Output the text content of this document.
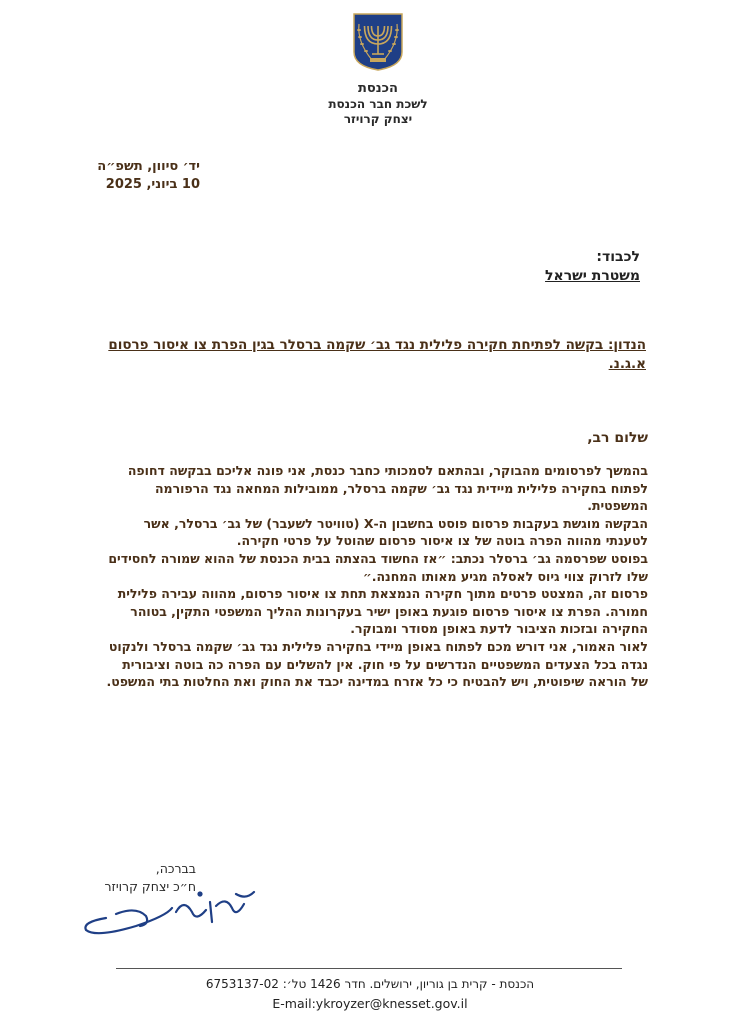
הכנסת
לשכת חבר הכנסת
יצחק קרויזר
יד׳ סיוון, תשפ״ה
10 ביוני, 2025
לכבוד:
משטרת ישראל
הנדון: בקשה לפתיחת חקירה פלילית נגד גב׳ שקמה ברסלר בגין הפרת צו איסור פרסום א.ג.נ.
שלום רב,

בהמשך לפרסומים מהבוקר, ובהתאם לסמכותי כחבר כנסת, אני פונה אליכם בבקשה דחופה לפתוח בחקירה פלילית מיידית נגד גב׳ שקמה ברסלר, ממובילות המחאה נגד הרפורמה המשפטית.

הבקשה מוגשת בעקבות פרסום פוסט בחשבון ה-X (טוויטר לשעבר) של גב׳ ברסלר, אשר לטענתי מהווה הפרה בוטה של צו איסור פרסום שהוטל על פרטי חקירה.

בפוסט שפרסמה גב׳ ברסלר נכתב: ״אז החשוד בהצתה בבית הכנסת של ההוא שמורה לחסידים שלו לזרוק צווי גיוס לאסלה מגיע מאותו המחנה.״

פרסום זה, המצטט פרטים מתוך חקירה הנמצאת תחת צו איסור פרסום, מהווה עבירה פלילית חמורה. הפרת צו איסור פרסום פוגעת באופן ישיר בעקרונות ההליך המשפטי התקין, בטוהר החקירה ובזכות הציבור לדעת באופן מסודר ומבוקר.

לאור האמור, אני דורש מכם לפתוח באופן מיידי בחקירה פלילית נגד גב׳ שקמה ברסלר ולנקוט נגדה בכל הצעדים המשפטיים הנדרשים על פי חוק. אין להשלים עם הפרה כה בוטה וציבורית של הוראה שיפוטית, ויש להבטיח כי כל אזרח במדינה יכבד את החוק ואת החלטות בתי המשפט.

בברכה,
ח״כ יצחק קרויזר
הכנסת - קרית בן גוריון, ירושלים. חדר 1426 טל׳: 6753137-02
E-mail:ykroyzer@knesset.gov.il
